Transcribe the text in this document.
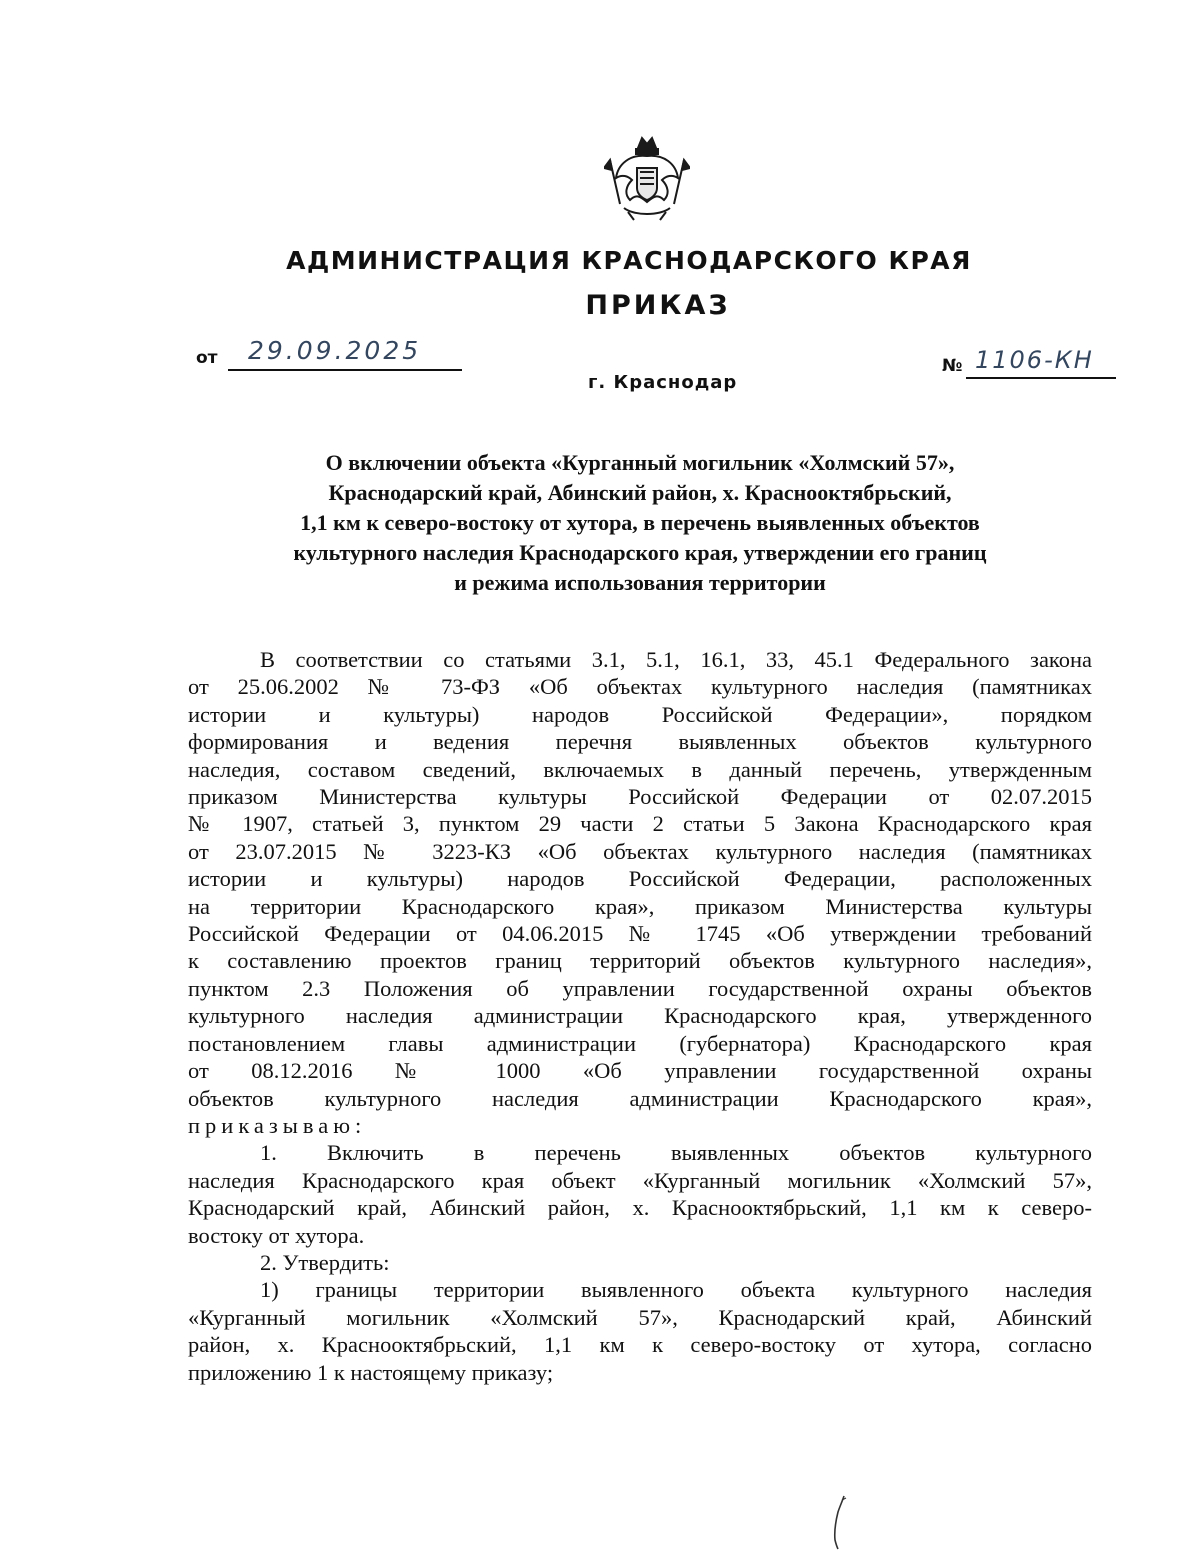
АДМИНИСТРАЦИЯ КРАСНОДАРСКОГО КРАЯ
ПРИКАЗ
от 29.09.2025
№ 1106-КН
г. Краснодар
О включении объекта «Курганный могильник «Холмский 57»,
Краснодарский край, Абинский район, х. Краснооктябрьский,
1,1 км к северо-востоку от хутора, в перечень выявленных объектов
культурного наследия Краснодарского края, утверждении его границ
и режима использования территории
В соответствии со статьями 3.1, 5.1, 16.1, 33, 45.1 Федерального закона
от 25.06.2002 № 73-ФЗ «Об объектах культурного наследия (памятниках
истории и культуры) народов Российской Федерации», порядком
формирования и ведения перечня выявленных объектов культурного
наследия, составом сведений, включаемых в данный перечень, утвержденным
приказом Министерства культуры Российской Федерации от 02.07.2015
№ 1907, статьей 3, пунктом 29 части 2 статьи 5 Закона Краснодарского края
от 23.07.2015 № 3223-КЗ «Об объектах культурного наследия (памятниках
истории и культуры) народов Российской Федерации, расположенных
на территории Краснодарского края», приказом Министерства культуры
Российской Федерации от 04.06.2015 № 1745 «Об утверждении требований
к составлению проектов границ территорий объектов культурного наследия»,
пунктом 2.3 Положения об управлении государственной охраны объектов
культурного наследия администрации Краснодарского края, утвержденного
постановлением главы администрации (губернатора) Краснодарского края
от 08.12.2016 № 1000 «Об управлении государственной охраны
объектов культурного наследия администрации Краснодарского края»,
приказываю:
1. Включить в перечень выявленных объектов культурного
наследия Краснодарского края объект «Курганный могильник «Холмский 57»,
Краснодарский край, Абинский район, х. Краснооктябрьский, 1,1 км к северо-
востоку от хутора.
2. Утвердить:
1) границы территории выявленного объекта культурного наследия
«Курганный могильник «Холмский 57», Краснодарский край, Абинский
район, х. Краснооктябрьский, 1,1 км к северо-востоку от хутора, согласно
приложению 1 к настоящему приказу;
